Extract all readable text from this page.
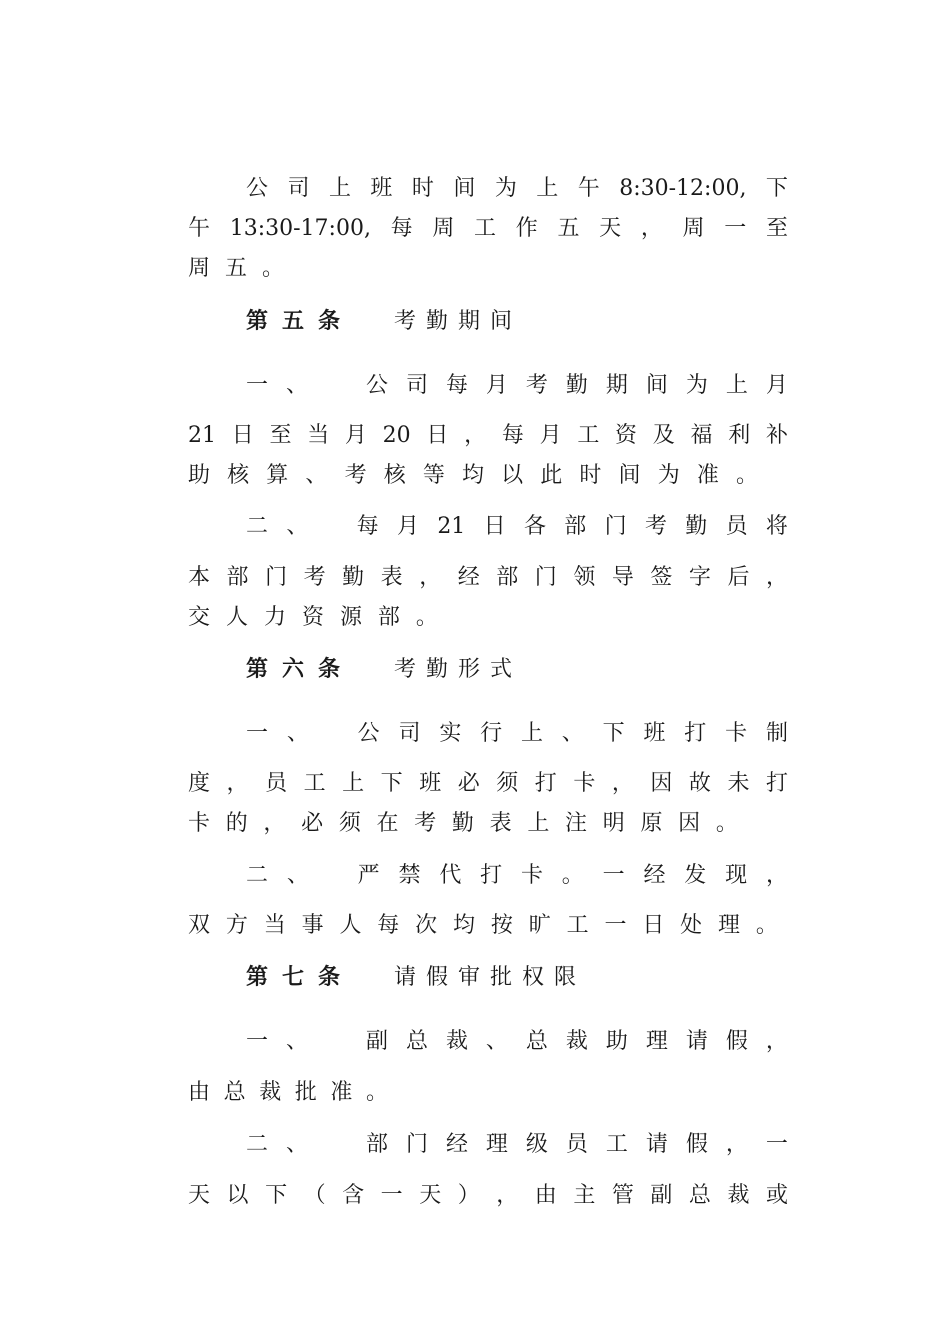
公 司 上 班 时 间 为 上 午 8:30-12:00, 下
午 13:30-17:00, 每 周 工 作 五 天 ， 周 一 至
周 五 。
第五条 考勤期间
一 、	公 司 每 月 考 勤 期 间 为 上 月
21 日 至 当 月 20 日 ， 每 月 工 资 及 福 利 补
助 核 算 、 考 核 等 均 以 此 时 间 为 准 。
二 、 每 月 21 日 各 部 门 考 勤 员 将
本 部 门 考 勤 表 ， 经 部 门 领 导 签 字 后 ，
交 人 力 资 源 部 。
第六条 考勤形式
一 、 公 司 实 行 上 、 下 班 打 卡 制
度 ， 员 工 上 下 班 必 须 打 卡 ， 因 故 未 打
卡 的 ， 必 须 在 考 勤 表 上 注 明 原 因 。
二 、 严 禁 代 打 卡 。 一 经 发 现 ，
双 方 当 事 人 每 次 均 按 旷 工 一 日 处 理 。
第七条 请假审批权限
一 、	副 总 裁 、 总 裁 助 理 请 假 ，
由 总 裁 批 准 。
二 、	部 门 经 理 级 员 工 请 假 ， 一
天 以 下 （ 含 一 天 ） ， 由 主 管 副 总 裁 或
